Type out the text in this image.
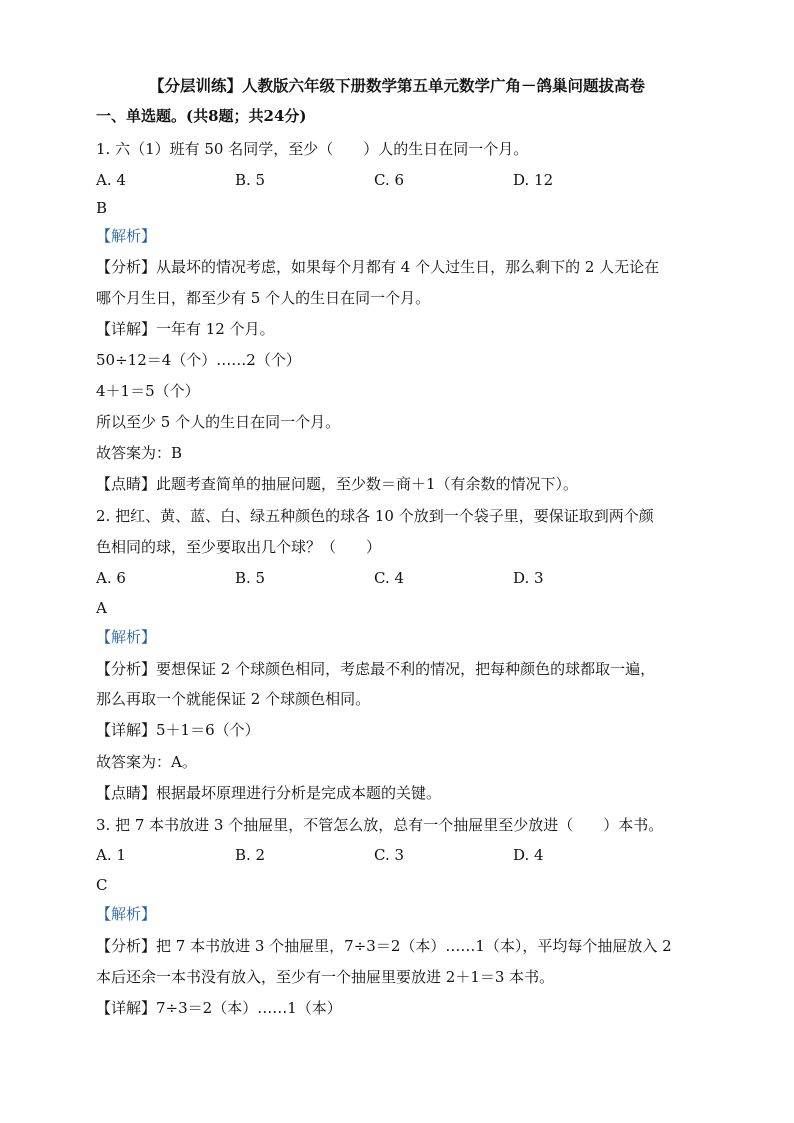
【分层训练】人教版六年级下册数学第五单元数学广角－鸽巢问题拔高卷
一、单选题。(共8题；共24分)
1. 六（1）班有 50 名同学，至少（　　）人的生日在同一个月。
A. 4	B. 5	C. 6	D. 12
B
【解析】
【分析】从最坏的情况考虑，如果每个月都有 4 个人过生日，那么剩下的 2 人无论在
哪个月生日，都至少有 5 个人的生日在同一个月。
【详解】一年有 12 个月。
50÷12＝4（个）……2（个）
4＋1＝5（个）
所以至少 5 个人的生日在同一个月。
故答案为：B
【点睛】此题考查简单的抽屉问题，至少数＝商＋1（有余数的情况下）。
2. 把红、黄、蓝、白、绿五种颜色的球各 10 个放到一个袋子里，要保证取到两个颜
色相同的球，至少要取出几个球？（　　）
A. 6	B. 5	C. 4	D. 3
A
【解析】
【分析】要想保证 2 个球颜色相同，考虑最不利的情况，把每种颜色的球都取一遍，
那么再取一个就能保证 2 个球颜色相同。
【详解】5＋1＝6（个）
故答案为：A。
【点睛】根据最坏原理进行分析是完成本题的关键。
3. 把 7 本书放进 3 个抽屉里，不管怎么放，总有一个抽屉里至少放进（　　）本书。
A. 1	B. 2	C. 3	D. 4
C
【解析】
【分析】把 7 本书放进 3 个抽屉里，7÷3＝2（本）……1（本），平均每个抽屉放入 2
本后还余一本书没有放入，至少有一个抽屉里要放进 2＋1＝3 本书。
【详解】7÷3＝2（本）……1（本）
